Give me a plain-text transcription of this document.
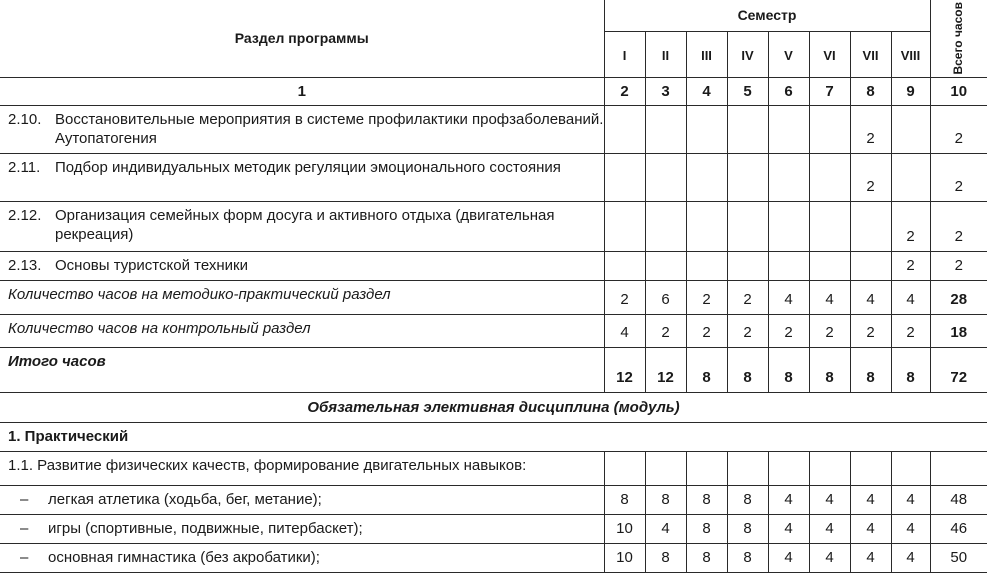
Раздел программы	Семестр								Всего часов

	I	II	III	IV	V	VI	VII	VIII	
1	2	3	4	5	6	7	8	9	10

2.10. Восстановительные мероприятия в системе профилактики профзаболеваний. Аутопатогения							2		2

2.11. Подбор индивидуальных методик регуляции эмоционального состояния							2		2

2.12. Организация семейных форм досуга и активного отдыха (двигательная рекреация)								2	2

2.13. Основы туристской техники								2	2
Количество часов на методико-практический раздел	2	6	2	2	4	4	4	4	28
Количество часов на контрольный раздел	4	2	2	2	2	2	2	2	18
Итого часов	12	12	8	8	8	8	8	8	72
Обязательная элективная дисциплина (модуль)									
1. Практический									
1.1. Развитие физических качеств, формирование двигательных навыков:									

– легкая атлетика (ходьба, бег, метание);	8	8	8	8	4	4	4	4	48

– игры (спортивные, подвижные, питербаскет);	10	4	8	8	4	4	4	4	46

– основная гимнастика (без акробатики);	10	8	8	8	4	4	4	4	50
